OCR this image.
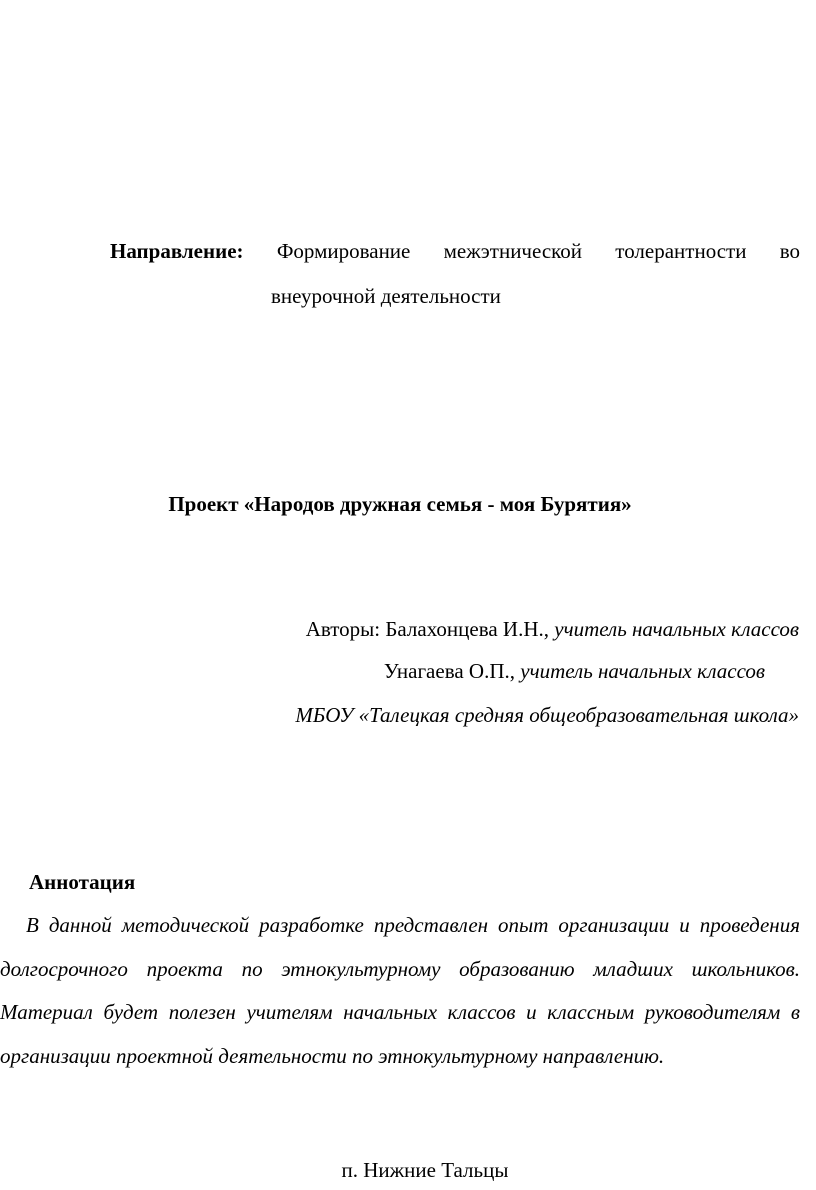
Направление: Формирование межэтнической толерантности во
внеурочной деятельности
Проект «Народов дружная семья - моя Бурятия»
Авторы: Балахонцева И.Н., учитель начальных классов
Унагаева О.П., учитель начальных классов
МБОУ «Талецкая средняя общеобразовательная школа»
Аннотация
В данной методической разработке представлен опыт организации и проведения долгосрочного проекта по этнокультурному образованию младших школьников. Материал будет полезен учителям начальных классов и классным руководителям в организации проектной деятельности по этнокультурному направлению.
п. Нижние Тальцы
